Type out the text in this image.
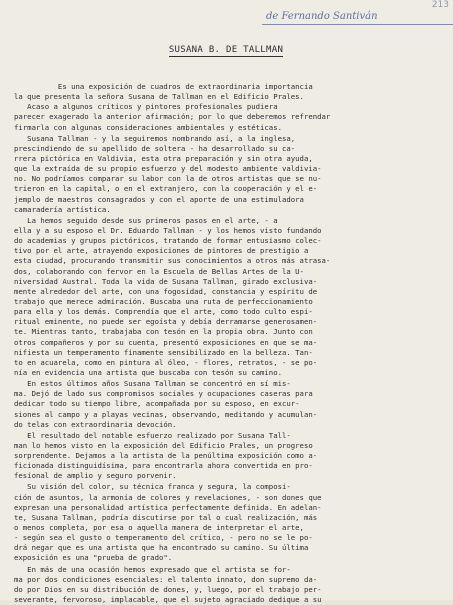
de Fernando Santiván
213
SUSANA B. DE TALLMAN
Es una exposición de cuadros de extraordinaria importancia
la que presenta la señora Susana de Tallman en el Edificio Prales.
Acaso a algunos críticos y pintores profesionales pudiera
parecer exagerado la anterior afirmación; por lo que deberemos refrendar
firmarla con algunas consideraciones ambientales y estéticas.
Susana Tallman - y la seguiremos nombrando así, a la inglesa,
prescindiendo de su apellido de soltera - ha desarrollado su ca-
rrera pictórica en Valdivia, esta otra preparación y sin otra ayuda,
que la extraída de su propio esfuerzo y del modesto ambiente valdivia-
no. No podríamos comparar su labor con la de otros artistas que se nu-
trieron en la capital, o en el extranjero, con la cooperación y el e-
jemplo de maestros consagrados y con el aporte de una estimuladora
camaradería artística.
La hemos seguido desde sus primeros pasos en el arte, - a
ella y a su esposo el Dr. Eduardo Tallman - y los hemos visto fundando
do academias y grupos pictóricos, tratando de formar entusiasmo colec-
tivo por el arte, atrayendo exposiciones de pintores de prestigio a
esta ciudad, procurando transmitir sus conocimientos a otros más atrasa-
dos, colaborando con fervor en la Escuela de Bellas Artes de la U-
niversidad Austral. Toda la vida de Susana Tallman, girado exclusiva-
mente alrededor del arte, con una fogosidad, constancia y espíritu de
trabajo que merece admiración. Buscaba una ruta de perfeccionamiento
para ella y los demás. Comprendía que el arte, como todo culto espi-
ritual eminente, no puede ser egoísta y debía derramarse generosamen-
te. Mientras tanto, trabajaba con tesón en la propia obra. Junto con
otros compañeros y por su cuenta, presentó exposiciones en que se ma-
nifiesta un temperamento finamente sensibilizado en la belleza. Tan-
to en acuarela, como en pintura al óleo, - flores, retratos, - se po-
nía en evidencia una artista que buscaba con tesón su camino.
En estos últimos años Susana Tallman se concentró en sí mis-
ma. Dejó de lado sus compromisos sociales y ocupaciones caseras para
dedicar todo su tiempo libre, acompañada por su esposo, en excur-
siones al campo y a playas vecinas, observando, meditando y acumulan-
do telas con extraordinaria devoción.
El resultado del notable esfuerzo realizado por Susana Tall-
man lo hemos visto en la exposición del Edificio Prales, un progreso
sorprendente. Dejamos a la artista de la penúltima exposición como a-
ficionada distinguidísima, para encontrarla ahora convertida en pro-
fesional de amplio y seguro porvenir.
Su visión del color, su técnica franca y segura, la composi-
ción de asuntos, la armonía de colores y revelaciones, - son dones que
expresan una personalidad artística perfectamente definida. En adelan-
te, Susana Tallman, podría discutirse por tal o cual realización, más
o menos completa, por esa o aquella manera de interpretar el arte,
- según sea el gusto o temperamento del crítico, - pero no se le po-
drá negar que es una artista que ha encontrado su camino. Su última
exposición es una "prueba de grado".
En más de una ocasión hemos expresado que el artista se for-
ma por dos condiciones esenciales: el talento innato, don supremo da-
do por Dios en su distribución de dones, y, luego, por el trabajo per-
severante, fervoroso, implacable, que el sujeto agraciado dedique a su
